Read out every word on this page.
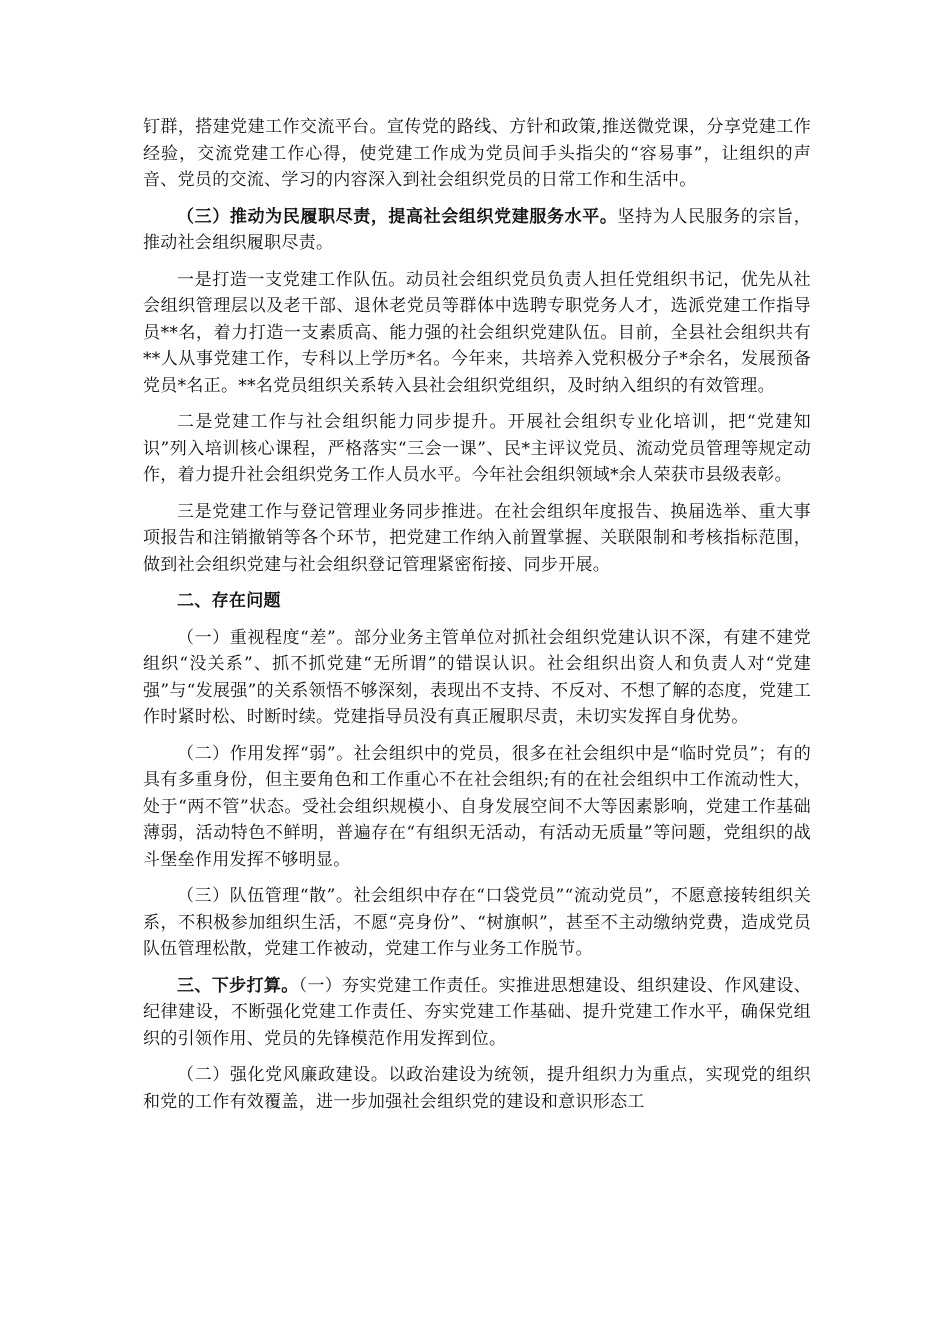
钉群，搭建党建工作交流平台。宣传党的路线、方针和政策,推送微党课，分享党建工作经验，交流党建工作心得，使党建工作成为党员间手头指尖的“容易事”，让组织的声音、党员的交流、学习的内容深入到社会组织党员的日常工作和生活中。

（三）推动为民履职尽责，提高社会组织党建服务水平。坚持为人民服务的宗旨，推动社会组织履职尽责。

一是打造一支党建工作队伍。动员社会组织党员负责人担任党组织书记，优先从社会组织管理层以及老干部、退休老党员等群体中选聘专职党务人才，选派党建工作指导员**名，着力打造一支素质高、能力强的社会组织党建队伍。目前，全县社会组织共有**人从事党建工作，专科以上学历*名。今年来，共培养入党积极分子*余名，发展预备党员*名正。**名党员组织关系转入县社会组织党组织，及时纳入组织的有效管理。

二是党建工作与社会组织能力同步提升。开展社会组织专业化培训，把“党建知识”列入培训核心课程，严格落实“三会一课”、民*主评议党员、流动党员管理等规定动作，着力提升社会组织党务工作人员水平。今年社会组织领域*余人荣获市县级表彰。

三是党建工作与登记管理业务同步推进。在社会组织年度报告、换届选举、重大事项报告和注销撤销等各个环节，把党建工作纳入前置掌握、关联限制和考核指标范围，做到社会组织党建与社会组织登记管理紧密衔接、同步开展。

二、存在问题

（一）重视程度“差”。部分业务主管单位对抓社会组织党建认识不深，有建不建党组织“没关系”、抓不抓党建“无所谓”的错误认识。社会组织出资人和负责人对“党建强”与“发展强”的关系领悟不够深刻，表现出不支持、不反对、不想了解的态度，党建工作时紧时松、时断时续。党建指导员没有真正履职尽责，未切实发挥自身优势。

（二）作用发挥“弱”。社会组织中的党员，很多在社会组织中是“临时党员”；有的具有多重身份，但主要角色和工作重心不在社会组织;有的在社会组织中工作流动性大，处于“两不管”状态。受社会组织规模小、自身发展空间不大等因素影响，党建工作基础薄弱，活动特色不鲜明，普遍存在“有组织无活动，有活动无质量”等问题，党组织的战斗堡垒作用发挥不够明显。

（三）队伍管理“散”。社会组织中存在“口袋党员”“流动党员”，不愿意接转组织关系，不积极参加组织生活，不愿“亮身份”、“树旗帜”，甚至不主动缴纳党费，造成党员队伍管理松散，党建工作被动，党建工作与业务工作脱节。

三、下步打算。（一）夯实党建工作责任。实推进思想建设、组织建设、作风建设、纪律建设，不断强化党建工作责任、夯实党建工作基础、提升党建工作水平，确保党组织的引领作用、党员的先锋模范作用发挥到位。

（二）强化党风廉政建设。以政治建设为统领，提升组织力为重点，实现党的组织和党的工作有效覆盖，进一步加强社会组织党的建设和意识形态工
